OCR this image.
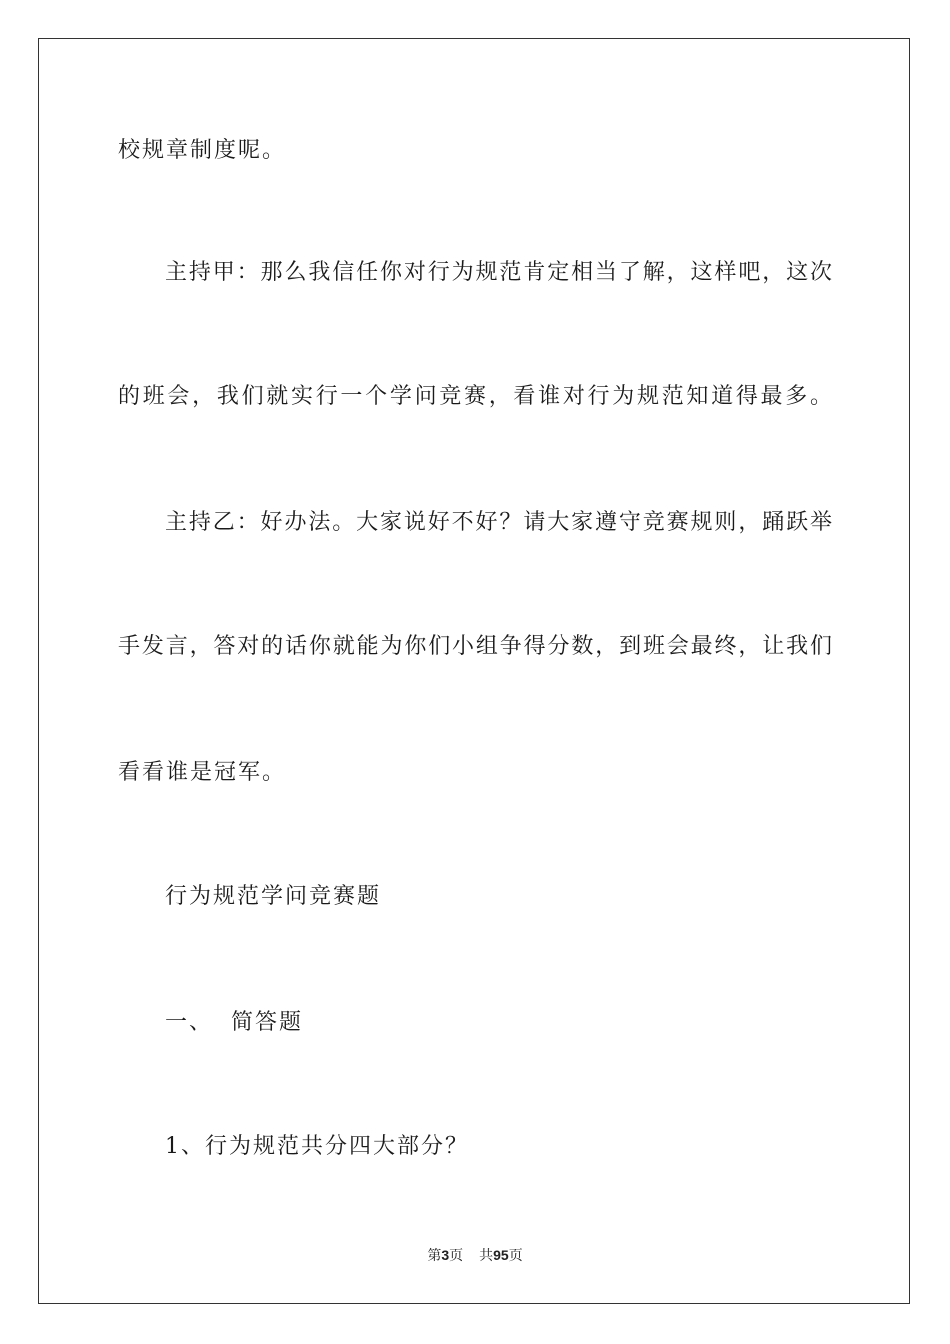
校规章制度呢。
主持甲：那么我信任你对行为规范肯定相当了解，这样吧，这次
的班会，我们就实行一个学问竞赛，看谁对行为规范知道得最多。
主持乙：好办法。大家说好不好？请大家遵守竞赛规则，踊跃举
手发言，答对的话你就能为你们小组争得分数，到班会最终，让我们
看看谁是冠军。
行为规范学问竞赛题
一、  简答题
1、行为规范共分四大部分？
第3页 共95页
